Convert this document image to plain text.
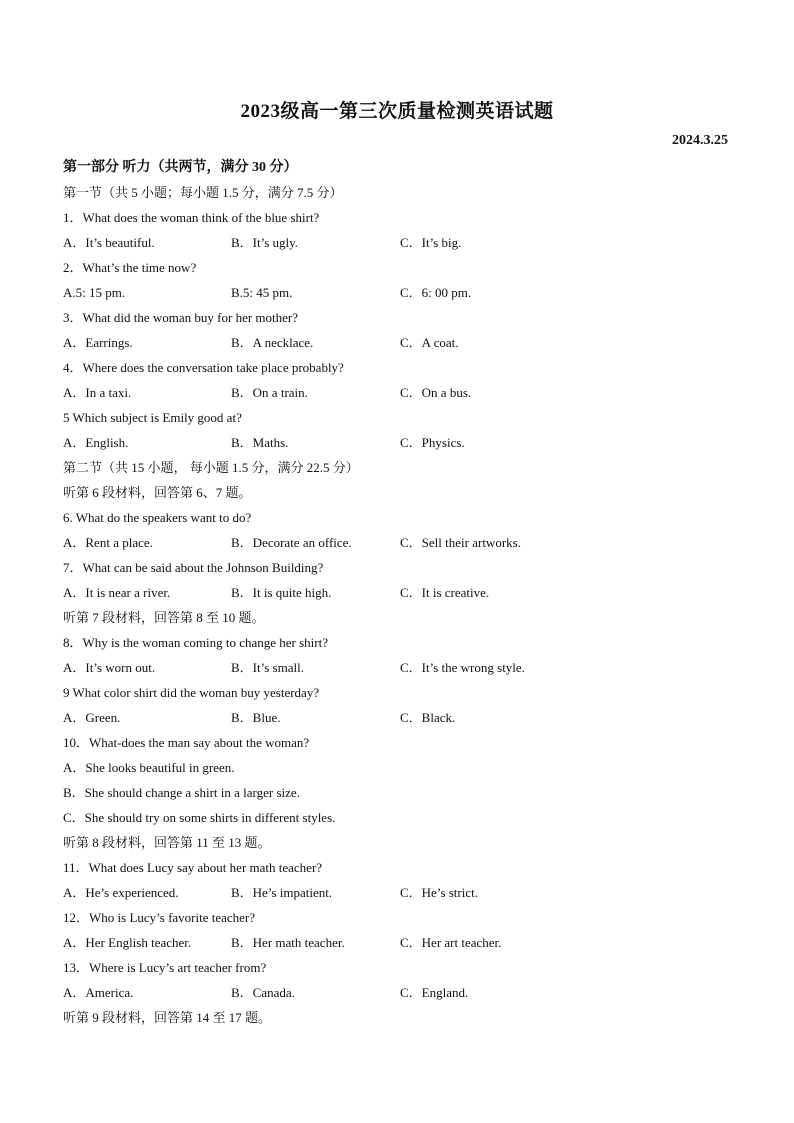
2023级高一第三次质量检测英语试题
2024.3.25
第一部分 听力（共两节，满分 30 分）
第一节（共 5 小题；每小题 1.5 分，满分 7.5 分）
1．What does the woman think of the blue shirt?
A．It’s beautiful.	B．It’s ugly.	C．It’s big.
2．What’s the time now?
A.5: 15 pm.	B.5: 45 pm.	C．6: 00 pm.
3．What did the woman buy for her mother?
A．Earrings.	B．A necklace.	C．A coat.
4．Where does the conversation take place probably?
A．In a taxi.	B．On a train.	C．On a bus.
5 Which subject is Emily good at?
A．English.	B．Maths.	C．Physics.
第二节（共 15 小题， 每小题 1.5 分，满分 22.5 分）
听第 6 段材料，回答第 6、7 题。
6. What do the speakers want to do?
A．Rent a place.	B．Decorate an office.	C．Sell their artworks.
7．What can be said about the Johnson Building?
A．It is near a river.	B．It is quite high.	C．It is creative.
听第 7 段材料，回答第 8 至 10 题。
8．Why is the woman coming to change her shirt?
A．It’s worn out.	B．It’s small.	C．It’s the wrong style.
9 What color shirt did the woman buy yesterday?
A．Green.	B．Blue.	C．Black.
10．What-does the man say about the woman?
A．She looks beautiful in green.
B．She should change a shirt in a larger size.
C．She should try on some shirts in different styles.
听第 8 段材料，回答第 11 至 13 题。
11．What does Lucy say about her math teacher?
A．He’s experienced.	B．He’s impatient.	C．He’s strict.
12．Who is Lucy’s favorite teacher?
A．Her English teacher.	B．Her math teacher.	C．Her art teacher.
13．Where is Lucy’s art teacher from?
A．America.	B．Canada.	C．England.
听第 9 段材料，回答第 14 至 17 题。
